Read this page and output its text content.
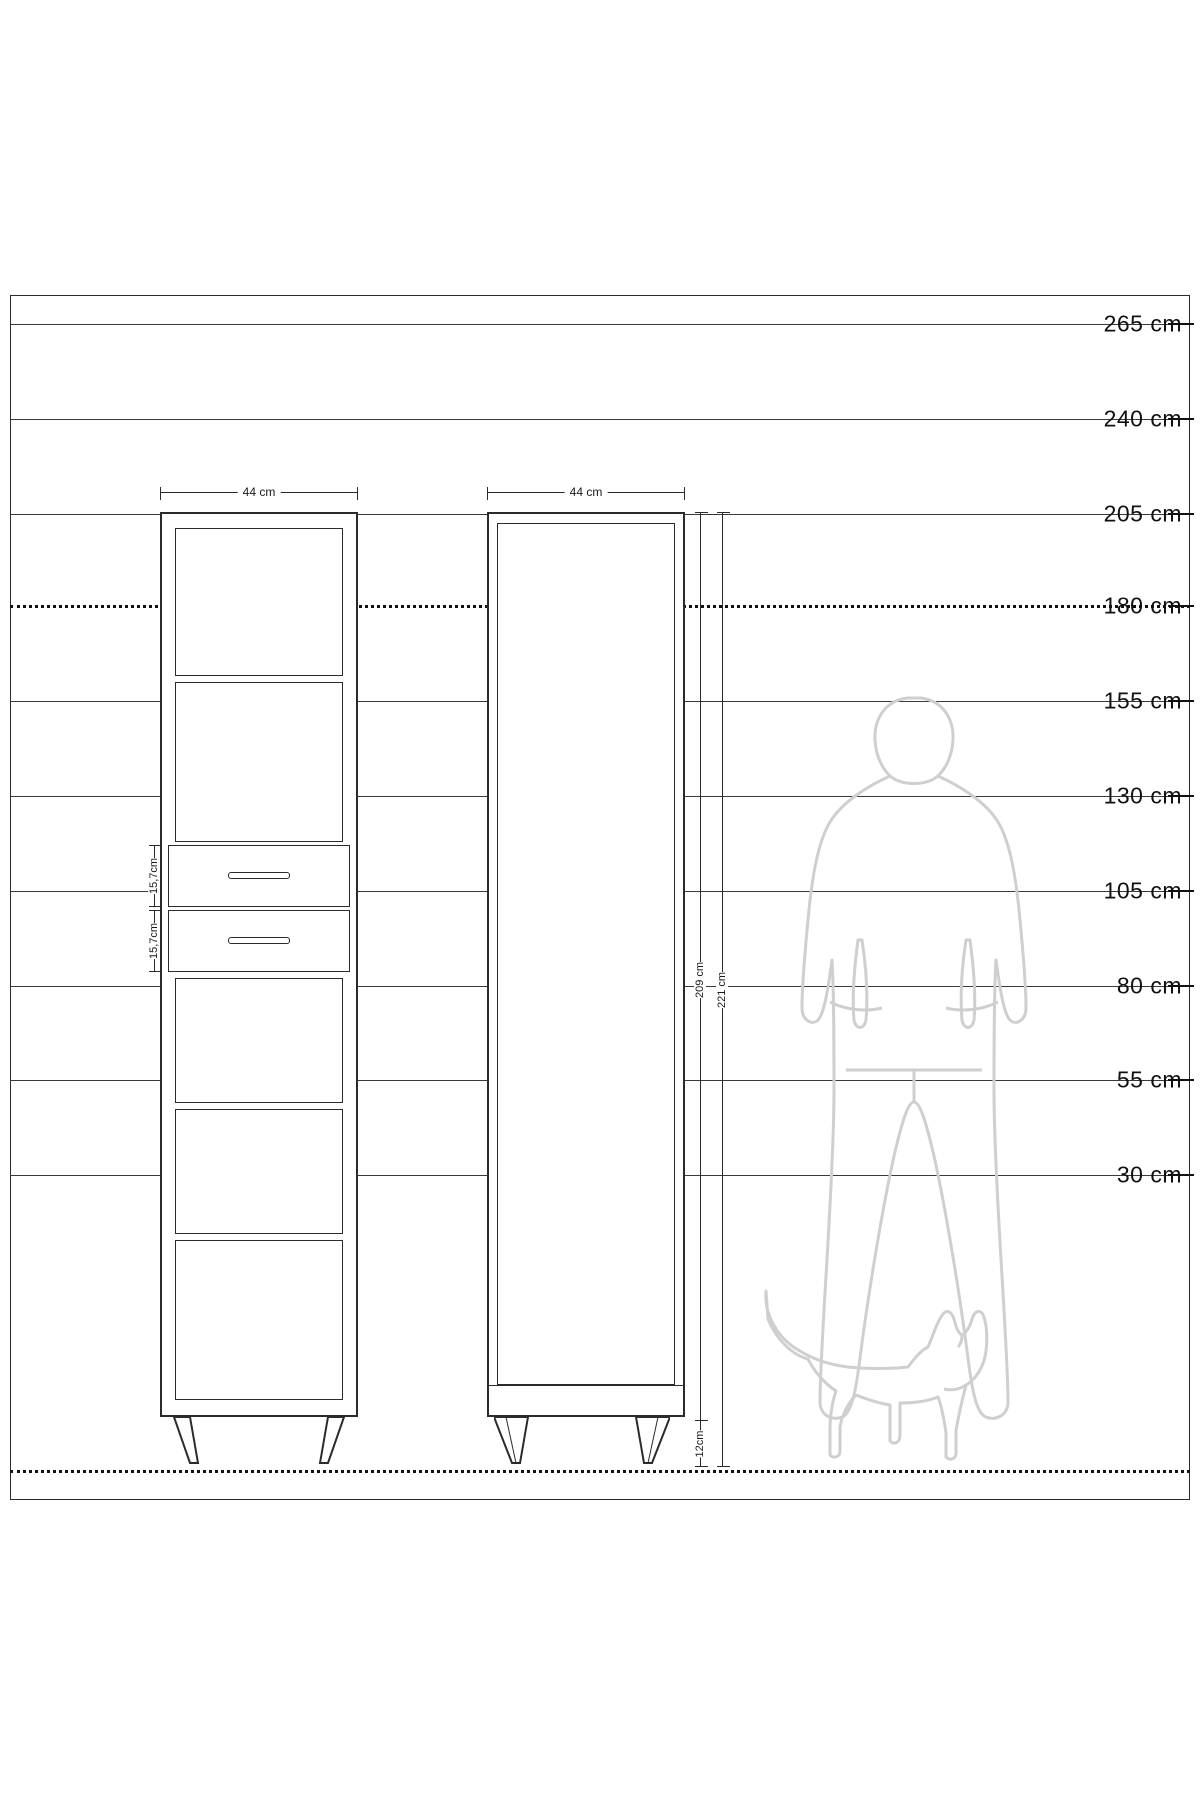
265 cm
240 cm
205 cm
180 cm
155 cm
130 cm
105 cm
80 cm
55 cm
30 cm
44 cm	44 cm
15,7cm
15,7cm
209 cm 221 cm
12cm
